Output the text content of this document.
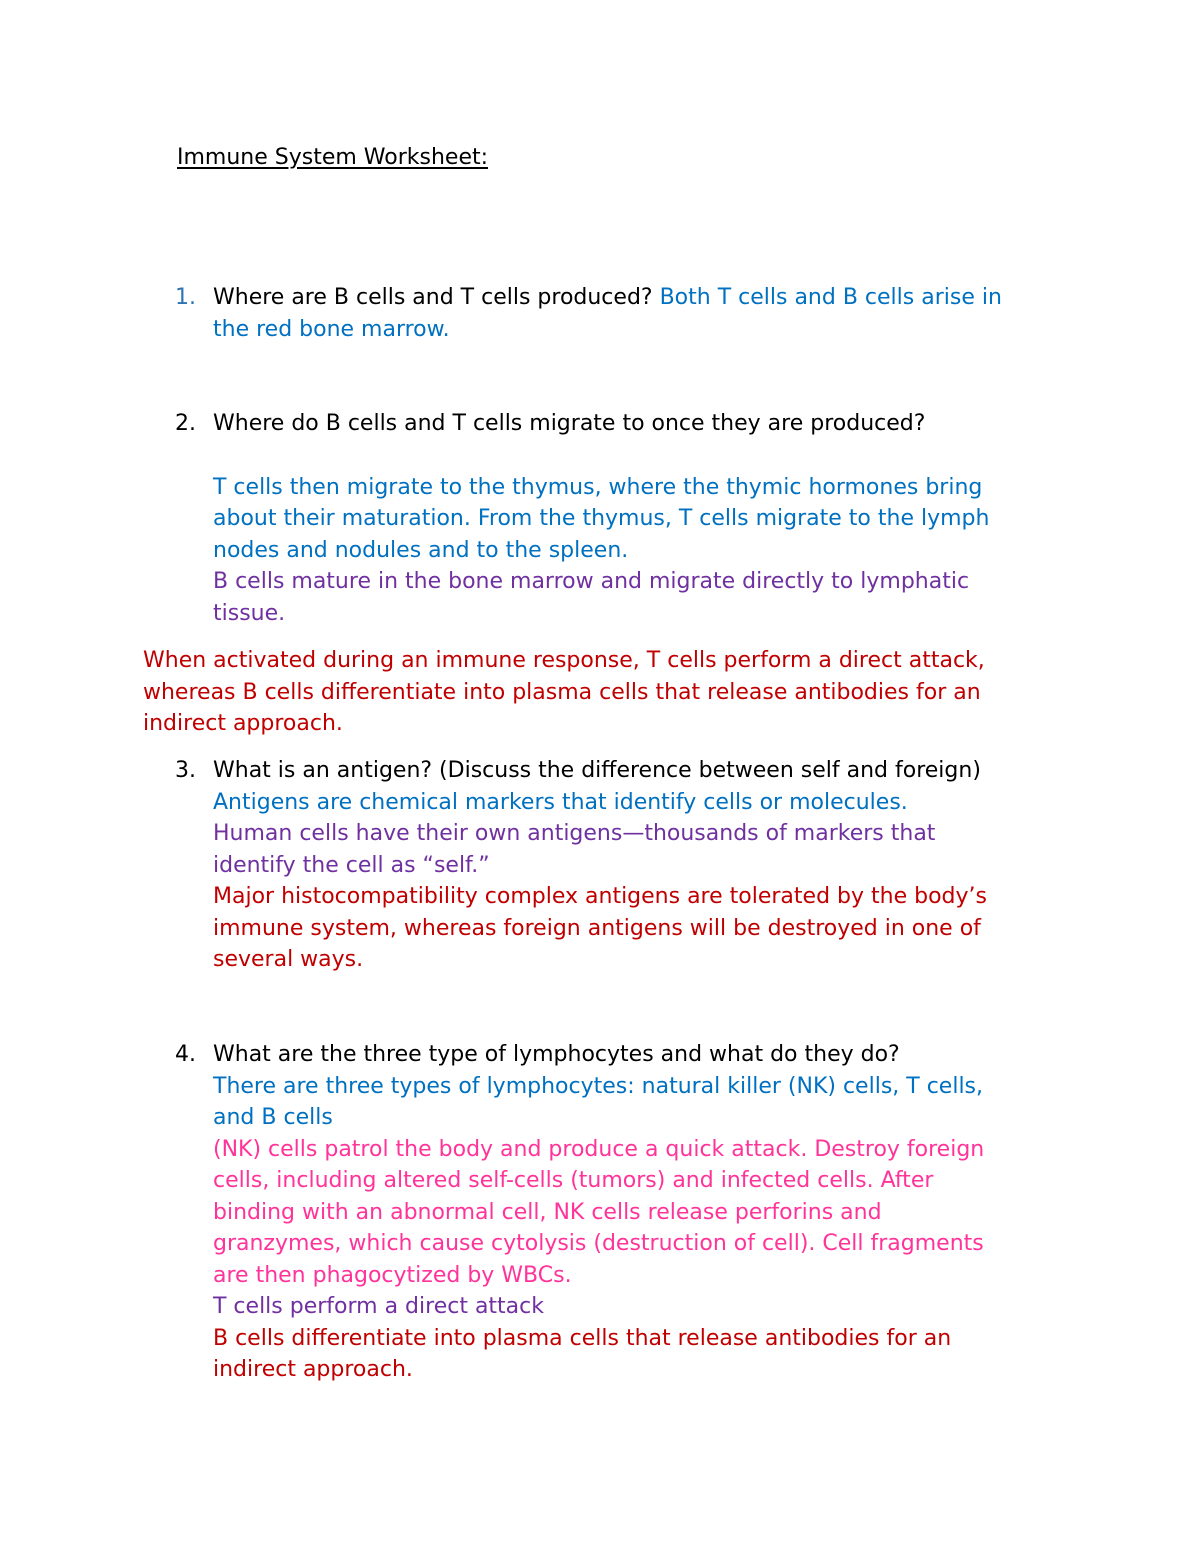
Immune System Worksheet:
1. Where are B cells and T cells produced? Both T cells and B cells arise in
the red bone marrow.
2. Where do B cells and T cells migrate to once they are produced?
T cells then migrate to the thymus, where the thymic hormones bring
about their maturation. From the thymus, T cells migrate to the lymph
nodes and nodules and to the spleen.
B cells mature in the bone marrow and migrate directly to lymphatic
tissue.
When activated during an immune response, T cells perform a direct attack,
whereas B cells differentiate into plasma cells that release antibodies for an
indirect approach.
3. What is an antigen? (Discuss the difference between self and foreign)
Antigens are chemical markers that identify cells or molecules.
Human cells have their own antigens—thousands of markers that
identify the cell as “self.”
Major histocompatibility complex antigens are tolerated by the body’s
immune system, whereas foreign antigens will be destroyed in one of
several ways.
4. What are the three type of lymphocytes and what do they do?
There are three types of lymphocytes: natural killer (NK) cells, T cells,
and B cells
(NK) cells patrol the body and produce a quick attack. Destroy foreign
cells, including altered self-cells (tumors) and infected cells. After
binding with an abnormal cell, NK cells release perforins and
granzymes, which cause cytolysis (destruction of cell). Cell fragments
are then phagocytized by WBCs.
T cells perform a direct attack
B cells differentiate into plasma cells that release antibodies for an
indirect approach.
